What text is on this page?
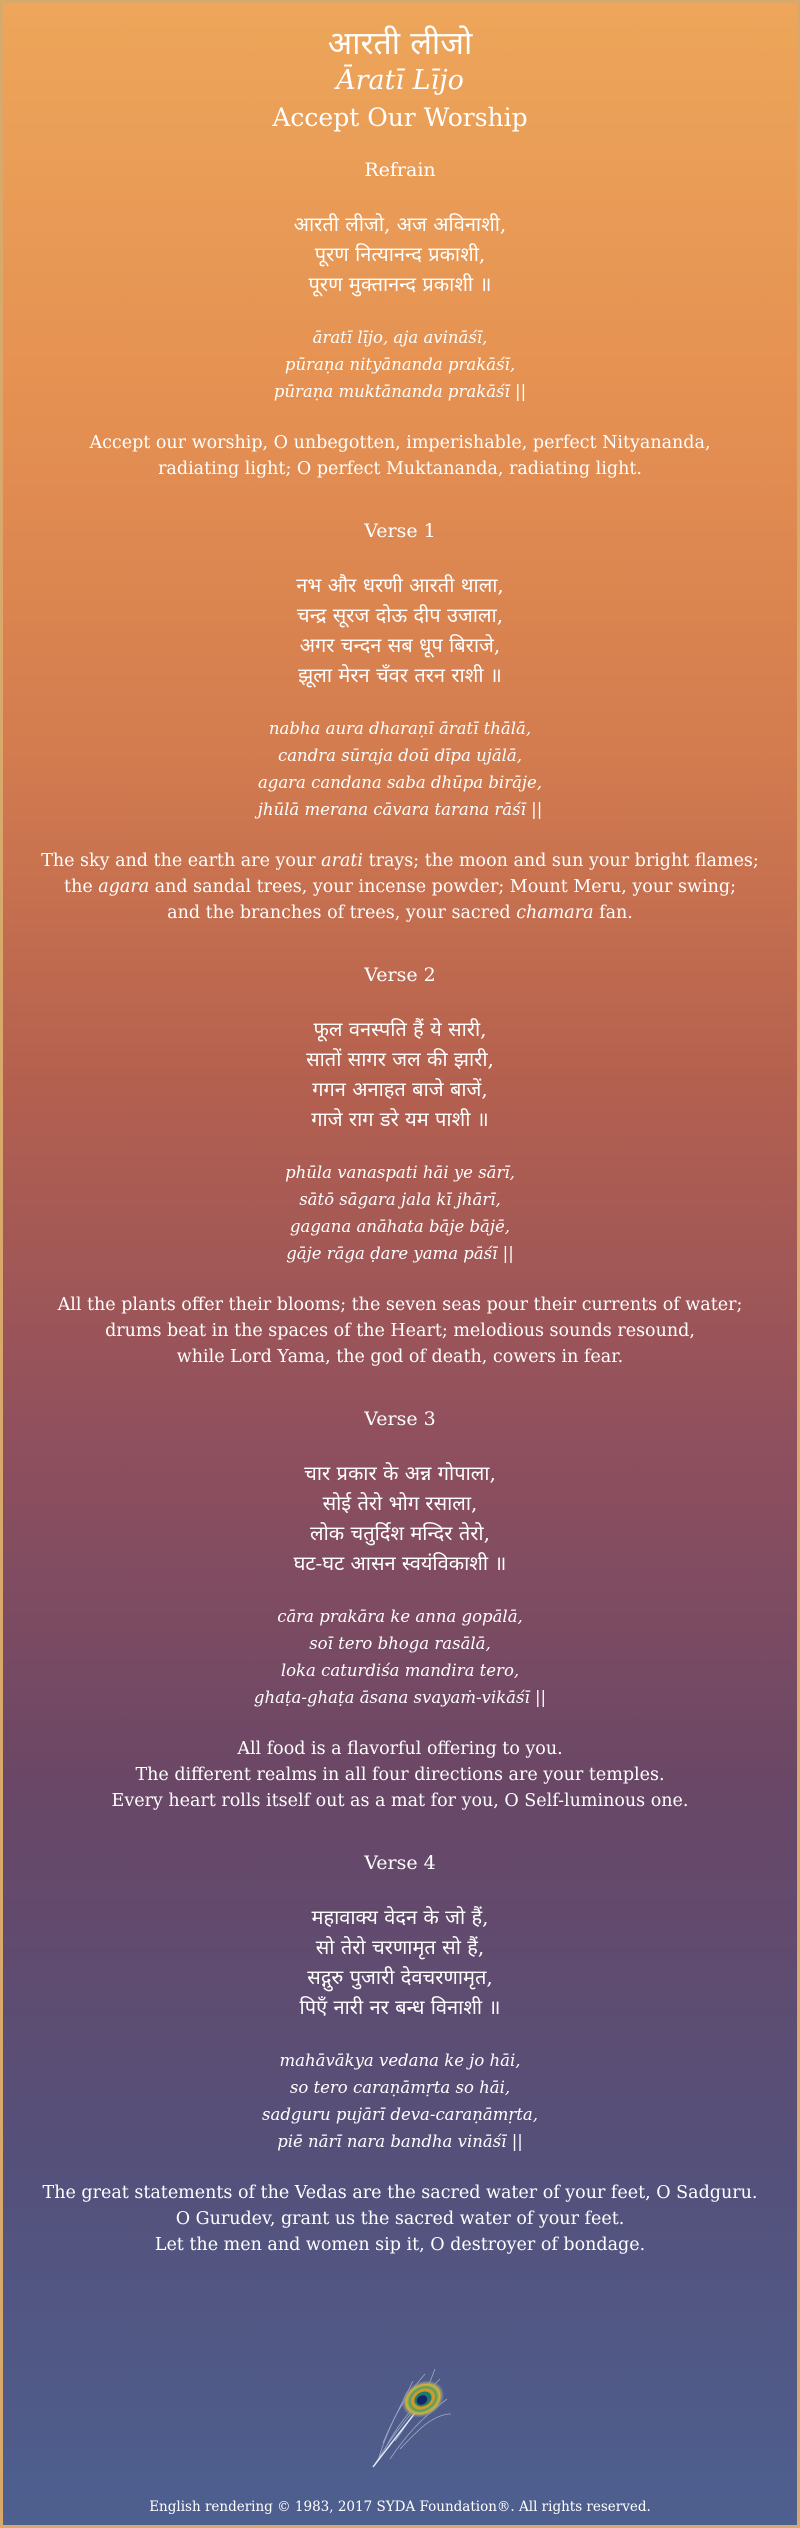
आरती लीजो
Āratī Līјo
Accept Our Worship
Refrain
आरती लीजो, अज अविनाशी,
पूरण नित्यानन्द प्रकाशी,
पूरण मुक्तानन्द प्रकाशी ॥
āratī lījo, aja avināśī,
pūraṇa nityānanda prakāśī,
pūraṇa muktānanda prakāśī ||
Accept our worship, O unbegotten, imperishable, perfect Nityananda,
radiating light; O perfect Muktananda, radiating light.
Verse 1
नभ और धरणी आरती थाला,
चन्द्र सूरज दोऊ दीप उजाला,
अगर चन्दन सब धूप बिराजे,
झूला मेरन चँवर तरन राशी ॥
nabha aura dharaṇī āratī thālā,
candra sūraja doū dīpa ujālā,
agara candana saba dhūpa birāje,
jhūlā merana cāvara tarana rāśī ||
The sky and the earth are your arati trays; the moon and sun your bright flames;
the agara and sandal trees, your incense powder; Mount Meru, your swing;
and the branches of trees, your sacred chamara fan.
Verse 2
फूल वनस्पति हैं ये सारी,
सातों सागर जल की झारी,
गगन अनाहत बाजे बाजें,
गाजे राग डरे यम पाशी ॥
phūla vanaspati hāi ye sārī,
sātō sāgara jala kī jhārī,
gagana anāhata bāje bājē,
gāje rāga ḍare yama pāśī ||
All the plants offer their blooms; the seven seas pour their currents of water;
drums beat in the spaces of the Heart; melodious sounds resound,
while Lord Yama, the god of death, cowers in fear.
Verse 3
चार प्रकार के अन्न गोपाला,
सोई तेरो भोग रसाला,
लोक चतुर्दिश मन्दिर तेरो,
घट-घट आसन स्वयंविकाशी ॥
cāra prakāra ke anna gopālā,
soī tero bhoga rasālā,
loka caturdiśa mandira tero,
ghaṭa-ghaṭa āsana svayaṁ-vikāśī ||
All food is a flavorful offering to you.
The different realms in all four directions are your temples.
Every heart rolls itself out as a mat for you, O Self-luminous one.
Verse 4
महावाक्य वेदन के जो हैं,
सो तेरो चरणामृत सो हैं,
सद्गुरु पुजारी देवचरणामृत,
पिएँ नारी नर बन्ध विनाशी ॥
mahāvākya vedana ke jo hāi,
so tero caraṇāmṛta so hāi,
sadguru pujārī deva-caraṇāmṛta,
piē nārī nara bandha vināśī ||
The great statements of the Vedas are the sacred water of your feet, O Sadguru.
O Gurudev, grant us the sacred water of your feet.
Let the men and women sip it, O destroyer of bondage.
English rendering © 1983, 2017 SYDA Foundation®. All rights reserved.
